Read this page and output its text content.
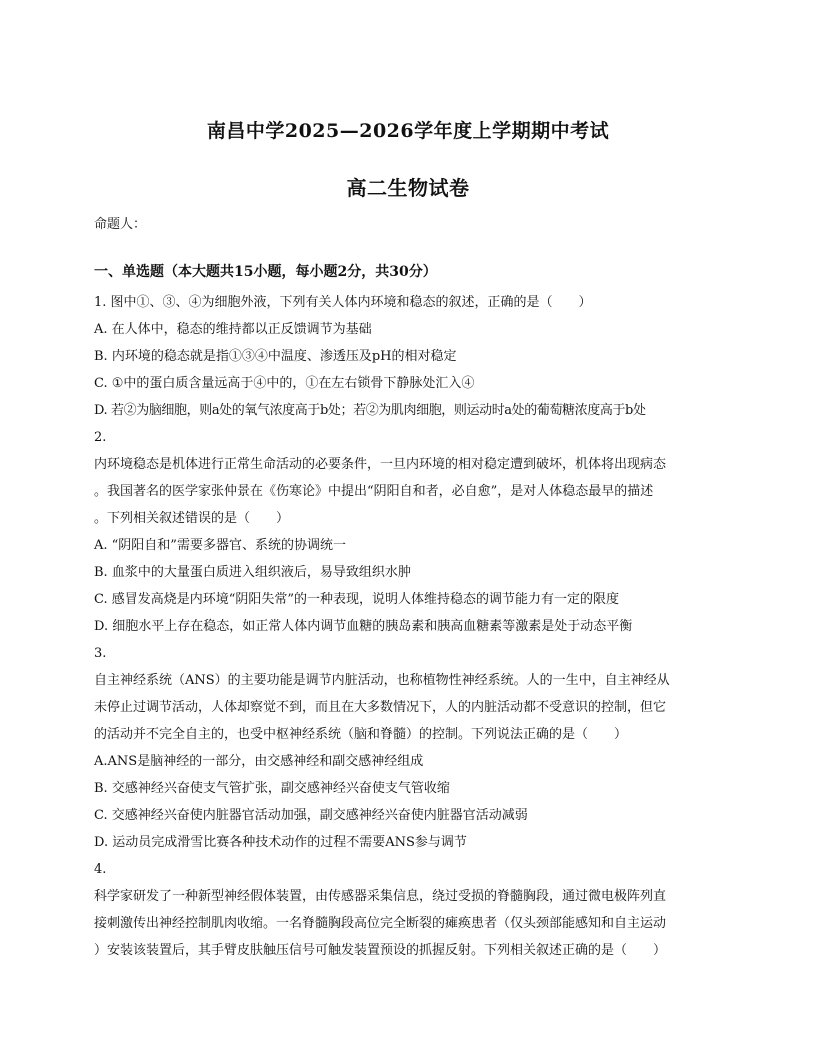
南昌中学2025—2026学年度上学期期中考试
高二生物试卷
命题人：
一、单选题（本大题共15小题，每小题2分，共30分）
1. 图中①、③、④为细胞外液，下列有关人体内环境和稳态的叙述，正确的是（　　）
A. 在人体中，稳态的维持都以正反馈调节为基础
B. 内环境的稳态就是指①③④中温度、渗透压及pH的相对稳定
C. ①中的蛋白质含量远高于④中的，①在左右锁骨下静脉处汇入④
D. 若②为脑细胞，则a处的氧气浓度高于b处；若②为肌肉细胞，则运动时a处的葡萄糖浓度高于b处
2.
内环境稳态是机体进行正常生命活动的必要条件，一旦内环境的相对稳定遭到破坏，机体将出现病态
。我国著名的医学家张仲景在《伤寒论》中提出“阴阳自和者，必自愈”，是对人体稳态最早的描述
。下列相关叙述错误的是（　　）
A. “阴阳自和”需要多器官、系统的协调统一
B. 血浆中的大量蛋白质进入组织液后，易导致组织水肿
C. 感冒发高烧是内环境“阴阳失常”的一种表现，说明人体维持稳态的调节能力有一定的限度
D. 细胞水平上存在稳态，如正常人体内调节血糖的胰岛素和胰高血糖素等激素是处于动态平衡
3.
自主神经系统（ANS）的主要功能是调节内脏活动，也称植物性神经系统。人的一生中，自主神经从
未停止过调节活动，人体却察觉不到，而且在大多数情况下，人的内脏活动都不受意识的控制，但它
的活动并不完全自主的，也受中枢神经系统（脑和脊髓）的控制。下列说法正确的是（　　）
A.ANS是脑神经的一部分，由交感神经和副交感神经组成
B. 交感神经兴奋使支气管扩张，副交感神经兴奋使支气管收缩
C. 交感神经兴奋使内脏器官活动加强，副交感神经兴奋使内脏器官活动减弱
D. 运动员完成滑雪比赛各种技术动作的过程不需要ANS参与调节
4.
科学家研发了一种新型神经假体装置，由传感器采集信息，绕过受损的脊髓胸段，通过微电极阵列直
接刺激传出神经控制肌肉收缩。一名脊髓胸段高位完全断裂的瘫痪患者（仅头颈部能感知和自主运动
）安装该装置后，其手臂皮肤触压信号可触发装置预设的抓握反射。下列相关叙述正确的是（　　）
